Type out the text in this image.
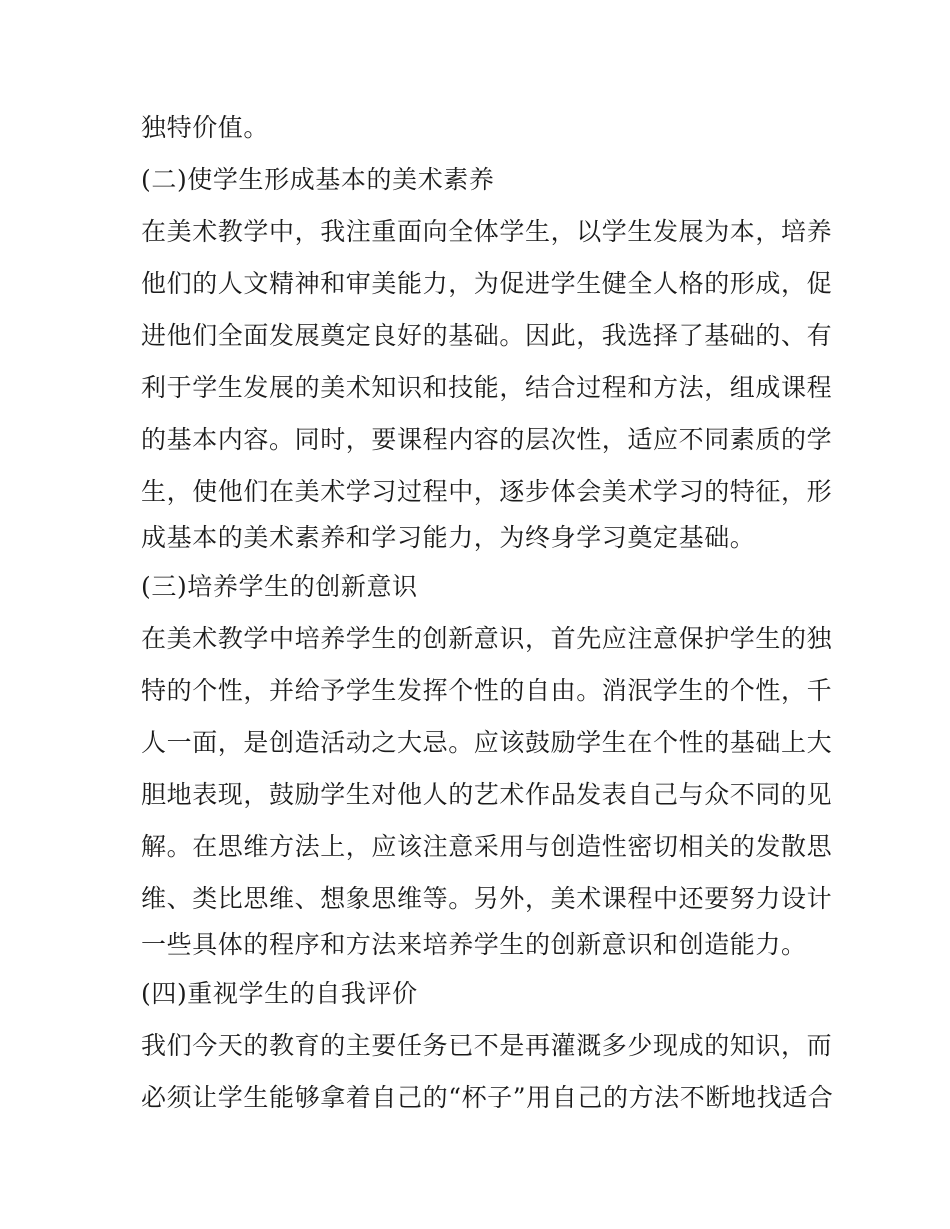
独特价值。
(二)使学生形成基本的美术素养
在美术教学中，我注重面向全体学生，以学生发展为本，培养
他们的人文精神和审美能力，为促进学生健全人格的形成，促
进他们全面发展奠定良好的基础。因此，我选择了基础的、有
利于学生发展的美术知识和技能，结合过程和方法，组成课程
的基本内容。同时，要课程内容的层次性，适应不同素质的学
生，使他们在美术学习过程中，逐步体会美术学习的特征，形
成基本的美术素养和学习能力，为终身学习奠定基础。
(三)培养学生的创新意识
在美术教学中培养学生的创新意识，首先应注意保护学生的独
特的个性，并给予学生发挥个性的自由。消泯学生的个性，千
人一面，是创造活动之大忌。应该鼓励学生在个性的基础上大
胆地表现，鼓励学生对他人的艺术作品发表自己与众不同的见
解。在思维方法上，应该注意采用与创造性密切相关的发散思
维、类比思维、想象思维等。另外，美术课程中还要努力设计
一些具体的程序和方法来培养学生的创新意识和创造能力。
(四)重视学生的自我评价
我们今天的教育的主要任务已不是再灌溉多少现成的知识，而
必须让学生能够拿着自己的“杯子”用自己的方法不断地找适合
